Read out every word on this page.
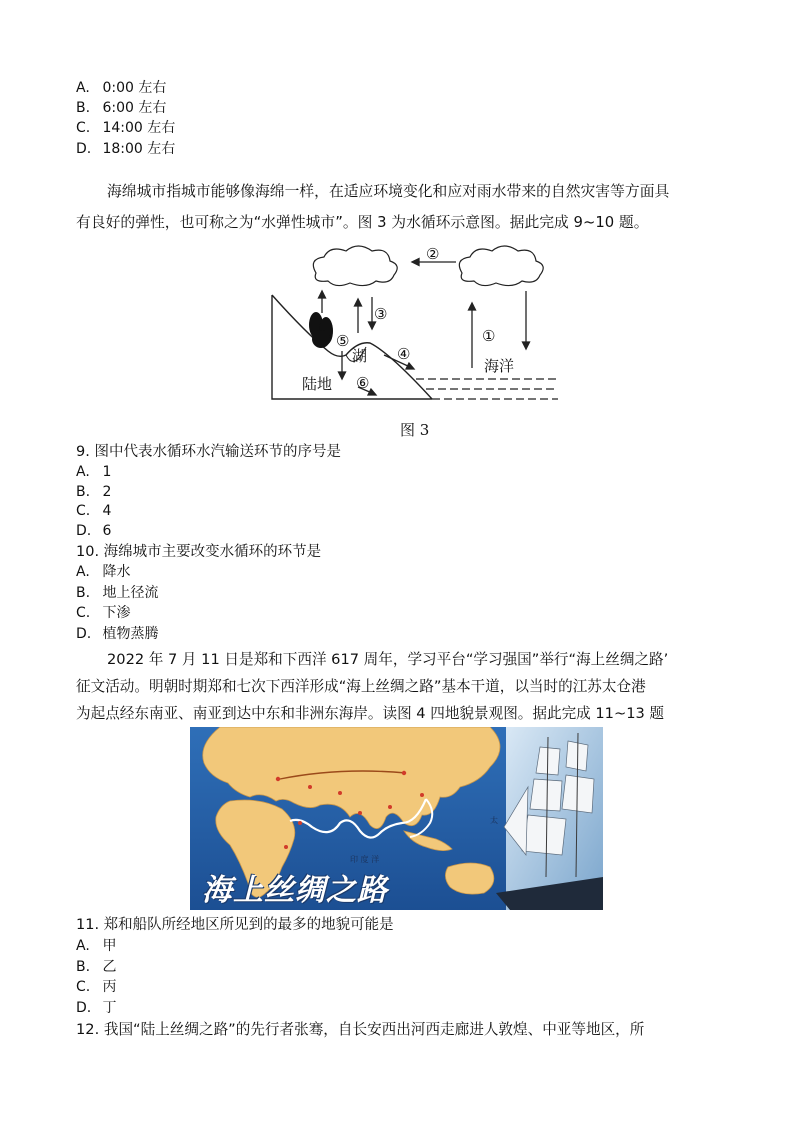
A. 0:00 左右
B. 6:00 左右
C. 14:00 左右
D. 18:00 左右
海绵城市指城市能够像海绵一样，在适应环境变化和应对雨水带来的自然灾害等方面具
有良好的弹性，也可称之为“水弹性城市”。图 3 为水循环示意图。据此完成 9~10 题。
②
③
⑤
④
⑥
①
湖
陆地
海洋
图 3
9. 图中代表水循环水汽输送环节的序号是
A. 1
B. 2
C. 4
D. 6
10. 海绵城市主要改变水循环的环节是
A. 降水
B. 地上径流
C. 下渗
D. 植物蒸腾
2022 年 7 月 11 日是郑和下西洋 617 周年，学习平台“学习强国”举行“海上丝绸之路’
征文活动。明朝时期郑和七次下西洋形成“海上丝绸之路”基本干道，以当时的江苏太仓港
为起点经东南亚、南亚到达中东和非洲东海岸。读图 4 四地貌景观图。据此完成 11~13 题
印 度 洋
太
海上丝绸之路
11. 郑和船队所经地区所见到的最多的地貌可能是
A. 甲
B. 乙
C. 丙
D. 丁
12. 我国“陆上丝绸之路”的先行者张骞，自长安西出河西走廊进人敦煌、中亚等地区，所
